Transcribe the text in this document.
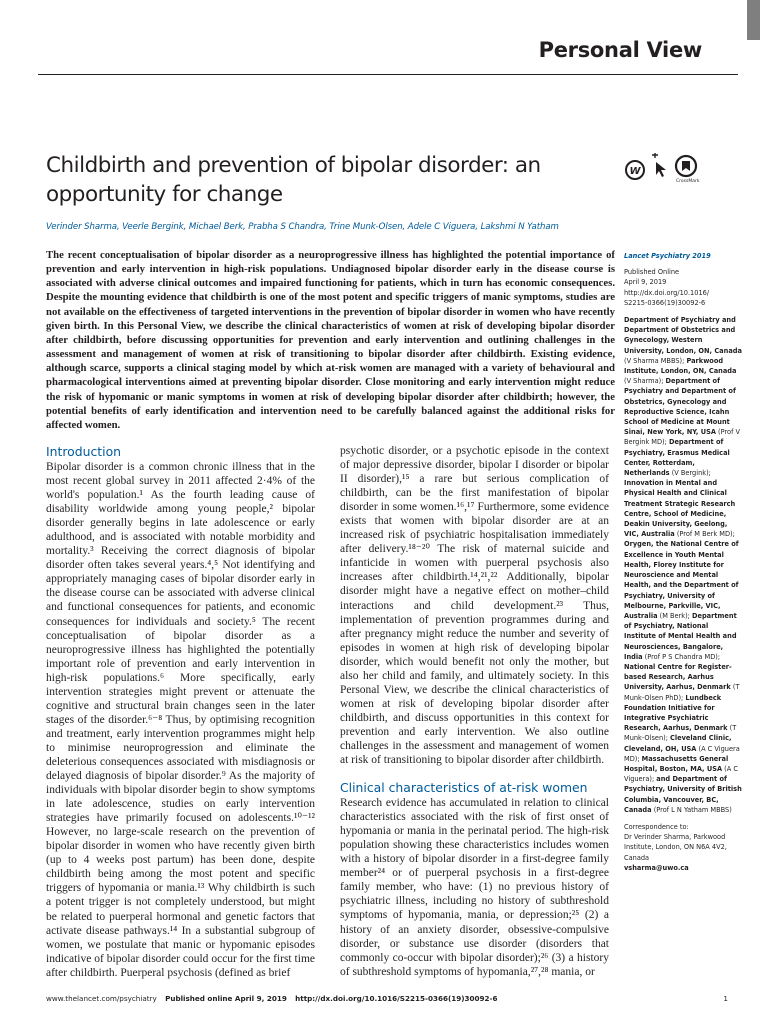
Personal View
Childbirth and prevention of bipolar disorder: an opportunity for change
W
CrossMark
Verinder Sharma, Veerle Bergink, Michael Berk, Prabha S Chandra, Trine Munk-Olsen, Adele C Viguera, Lakshmi N Yatham

The recent conceptualisation of bipolar disorder as a neuroprogressive illness has highlighted the potential importance of prevention and early intervention in high-risk populations. Undiagnosed bipolar disorder early in the disease course is associated with adverse clinical outcomes and impaired functioning for patients, which in turn has economic consequences. Despite the mounting evidence that childbirth is one of the most potent and specific triggers of manic symptoms, studies are not available on the effectiveness of targeted interventions in the prevention of bipolar disorder in women who have recently given birth. In this Personal View, we describe the clinical characteristics of women at risk of developing bipolar disorder after childbirth, before discussing opportunities for prevention and early intervention and outlining challenges in the assessment and management of women at risk of transitioning to bipolar disorder after childbirth. Existing evidence, although scarce, supports a clinical staging model by which at-risk women are managed with a variety of behavioural and pharmacological interventions aimed at preventing bipolar disorder. Close monitoring and early intervention might reduce the risk of hypomanic or manic symptoms in women at risk of developing bipolar disorder after childbirth; however, the potential benefits of early identification and intervention need to be carefully balanced against the additional risks for affected women.

Introduction

Bipolar disorder is a common chronic illness that in the most recent global survey in 2011 affected 2·4% of the world's population.¹ As the fourth leading cause of disability worldwide among young people,² bipolar disorder generally begins in late adolescence or early adulthood, and is associated with notable morbidity and mortality.³ Receiving the correct diagnosis of bipolar disorder often takes several years.⁴,⁵ Not identifying and appropriately managing cases of bipolar disorder early in the disease course can be associated with adverse clinical and functional consequences for patients, and economic consequences for individuals and society.⁵ The recent conceptualisation of bipolar disorder as a neuroprogressive illness has highlighted the potentially important role of prevention and early intervention in high-risk populations.⁶ More specifically, early intervention strategies might prevent or attenuate the cognitive and structural brain changes seen in the later stages of the disorder.⁶⁻⁸ Thus, by optimising recognition and treatment, early intervention programmes might help to minimise neuroprogression and eliminate the deleterious consequences associated with misdiagnosis or delayed diagnosis of bipolar disorder.⁹ As the majority of individuals with bipolar disorder begin to show symptoms in late adolescence, studies on early intervention strategies have primarily focused on adolescents.¹⁰⁻¹² However, no large-scale research on the prevention of bipolar disorder in women who have recently given birth (up to 4 weeks post partum) has been done, despite childbirth being among the most potent and specific triggers of hypomania or mania.¹³ Why childbirth is such a potent trigger is not completely understood, but might be related to puerperal hormonal and genetic factors that activate disease pathways.¹⁴ In a substantial subgroup of women, we postulate that manic or hypomanic episodes indicative of bipolar disorder could occur for the first time after childbirth. Puerperal psychosis (defined as brief

psychotic disorder, or a psychotic episode in the context of major depressive disorder, bipolar I disorder or bipolar II disorder),¹⁵ a rare but serious complication of childbirth, can be the first manifestation of bipolar disorder in some women.¹⁶,¹⁷ Furthermore, some evidence exists that women with bipolar disorder are at an increased risk of psychiatric hospitalisation immediately after delivery.¹⁸⁻²⁰ The risk of maternal suicide and infanticide in women with puerperal psychosis also increases after childbirth.¹⁴,²¹,²² Additionally, bipolar disorder might have a negative effect on mother–child interactions and child development.²³ Thus, implementation of prevention programmes during and after pregnancy might reduce the number and severity of episodes in women at high risk of developing bipolar disorder, which would benefit not only the mother, but also her child and family, and ultimately society. In this Personal View, we describe the clinical characteristics of women at risk of developing bipolar disorder after childbirth, and discuss opportunities in this context for prevention and early intervention. We also outline challenges in the assessment and management of women at risk of transitioning to bipolar disorder after childbirth.

Clinical characteristics of at-risk women

Research evidence has accumulated in relation to clinical characteristics associated with the risk of first onset of hypomania or mania in the perinatal period. The high-risk population showing these characteristics includes women with a history of bipolar disorder in a first-degree family member²⁴ or of puerperal psychosis in a first-degree family member, who have: (1) no previous history of psychiatric illness, including no history of subthreshold symptoms of hypomania, mania, or depression;²⁵ (2) a history of an anxiety disorder, obsessive-compulsive disorder, or substance use disorder (disorders that commonly co-occur with bipolar disorder);²⁶ (3) a history of subthreshold symptoms of hypomania,²⁷,²⁸ mania, or

Lancet Psychiatry 2019
Published Online
April 9, 2019
http://dx.doi.org/10.1016/
S2215-0366(19)30092-6
Department of Psychiatry and Department of Obstetrics and Gynecology, Western University, London, ON, Canada (V Sharma MBBS); Parkwood Institute, London, ON, Canada (V Sharma); Department of Psychiatry and Department of Obstetrics, Gynecology and Reproductive Science, Icahn School of Medicine at Mount Sinai, New York, NY, USA (Prof V Bergink MD); Department of Psychiatry, Erasmus Medical Center, Rotterdam, Netherlands (V Bergink); Innovation in Mental and Physical Health and Clinical Treatment Strategic Research Centre, School of Medicine, Deakin University, Geelong, VIC, Australia (Prof M Berk MD); Orygen, the National Centre of Excellence in Youth Mental Health, Florey Institute for Neuroscience and Mental Health, and the Department of Psychiatry, University of Melbourne, Parkville, VIC, Australia (M Berk); Department of Psychiatry, National Institute of Mental Health and Neurosciences, Bangalore, India (Prof P S Chandra MD); National Centre for Register-based Research, Aarhus University, Aarhus, Denmark (T Munk-Olsen PhD); Lundbeck Foundation Initiative for Integrative Psychiatric Research, Aarhus, Denmark (T Munk-Olsen); Cleveland Clinic, Cleveland, OH, USA (A C Viguera MD); Massachusetts General Hospital, Boston, MA, USA (A C Viguera); and Department of Psychiatry, University of British Columbia, Vancouver, BC, Canada (Prof L N Yatham MBBS)
Correspondence to:
Dr Verinder Sharma, Parkwood Institute, London, ON N6A 4V2, Canada
vsharma@uwo.ca
www.thelancet.com/psychiatry Published online April 9, 2019 http://dx.doi.org/10.1016/S2215-0366(19)30092-6	1
